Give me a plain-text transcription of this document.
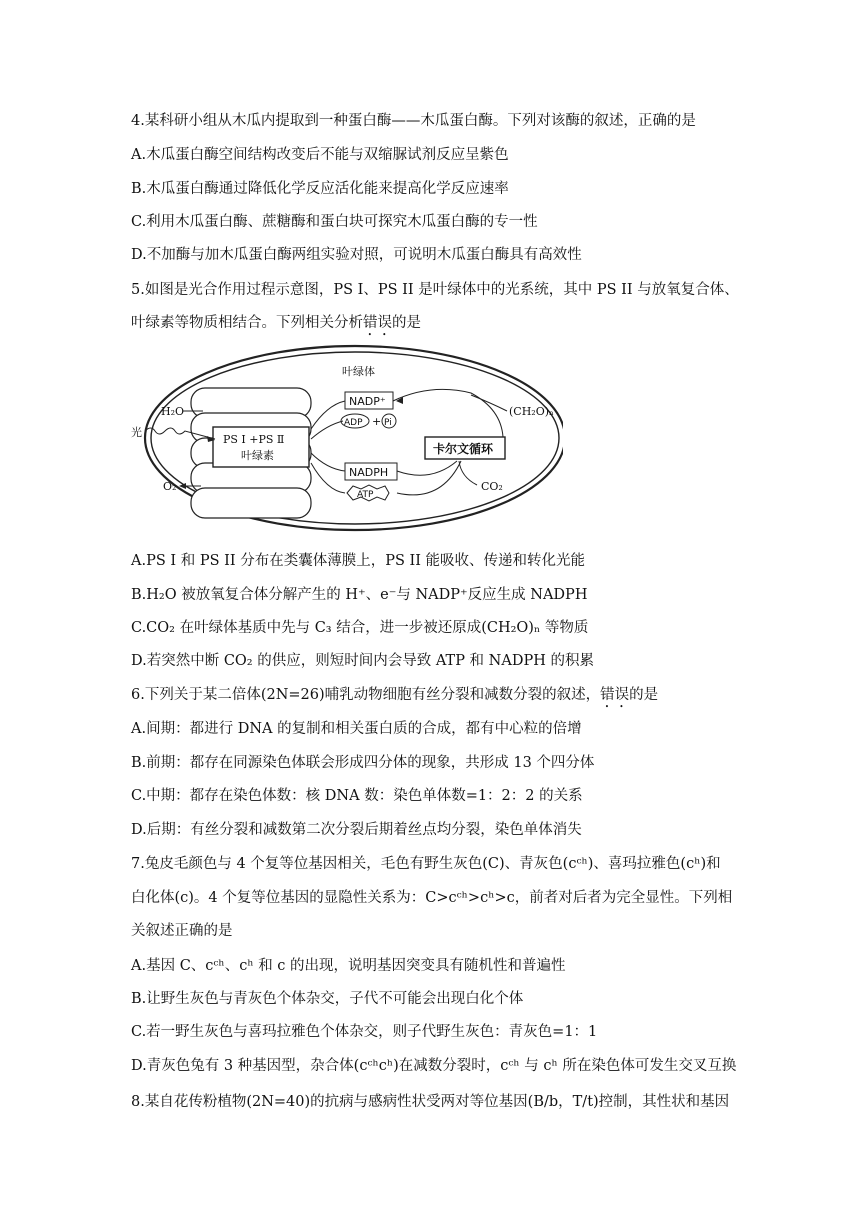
4.某科研小组从木瓜内提取到一种蛋白酶——木瓜蛋白酶。下列对该酶的叙述，正确的是
A.木瓜蛋白酶空间结构改变后不能与双缩脲试剂反应呈紫色
B.木瓜蛋白酶通过降低化学反应活化能来提高化学反应速率
C.利用木瓜蛋白酶、蔗糖酶和蛋白块可探究木瓜蛋白酶的专一性
D.不加酶与加木瓜蛋白酶两组实验对照，可说明木瓜蛋白酶具有高效性
5.如图是光合作用过程示意图，PS I、PS II 是叶绿体中的光系统，其中 PS II 与放氧复合体、
叶绿素等物质相结合。下列相关分析错误的是
叶绿体
PS Ⅰ +PS Ⅱ
叶绿素
光
H₂O
O₂
NADP⁺
ADP + Pi
NADPH
ATP
卡尔文循环
(CH₂O)ₙ
CO₂
A.PS I 和 PS II 分布在类囊体薄膜上，PS II 能吸收、传递和转化光能
B.H₂O 被放氧复合体分解产生的 H⁺、e⁻与 NADP⁺反应生成 NADPH
C.CO₂ 在叶绿体基质中先与 C₃ 结合，进一步被还原成(CH₂O)ₙ 等物质
D.若突然中断 CO₂ 的供应，则短时间内会导致 ATP 和 NADPH 的积累
6.下列关于某二倍体(2N=26)哺乳动物细胞有丝分裂和减数分裂的叙述，错误的是
A.间期：都进行 DNA 的复制和相关蛋白质的合成，都有中心粒的倍增
B.前期：都存在同源染色体联会形成四分体的现象，共形成 13 个四分体
C.中期：都存在染色体数：核 DNA 数：染色单体数=1：2：2 的关系
D.后期：有丝分裂和减数第二次分裂后期着丝点均分裂，染色单体消失
7.兔皮毛颜色与 4 个复等位基因相关，毛色有野生灰色(C)、青灰色(cᶜʰ)、喜玛拉雅色(cʰ)和
白化体(c)。4 个复等位基因的显隐性关系为：C>cᶜʰ>cʰ>c，前者对后者为完全显性。下列相
关叙述正确的是
A.基因 C、cᶜʰ、cʰ 和 c 的出现，说明基因突变具有随机性和普遍性
B.让野生灰色与青灰色个体杂交，子代不可能会出现白化个体
C.若一野生灰色与喜玛拉雅色个体杂交，则子代野生灰色：青灰色=1：1
D.青灰色兔有 3 种基因型，杂合体(cᶜʰcʰ)在减数分裂时，cᶜʰ 与 cʰ 所在染色体可发生交叉互换
8.某自花传粉植物(2N=40)的抗病与感病性状受两对等位基因(B/b，T/t)控制，其性状和基因
